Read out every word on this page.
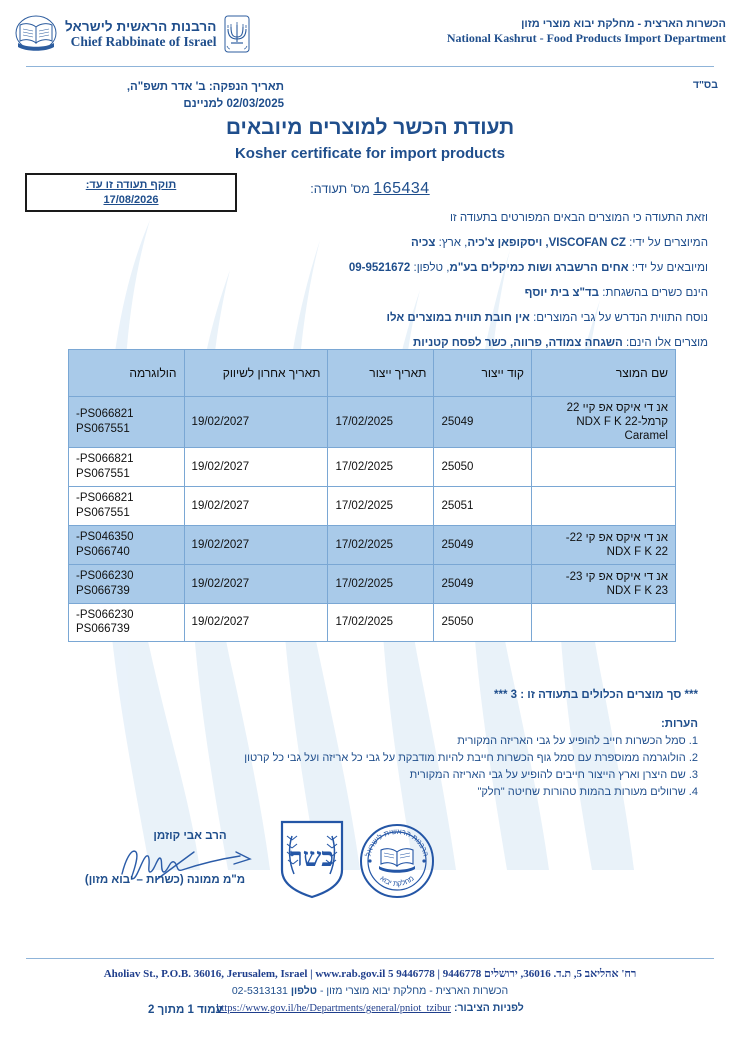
הרבנות הראשית לישראל
Chief Rabbinate of Israel
הכשרות הארצית - מחלקת יבוא מוצרי מזון
National Kashrut - Food Products Import Department
בס"ד
תאריך הנפקה: ב' אדר תשפ"ה,
02/03/2025 למניינם
תעודת הכשר למוצרים מיובאים
Kosher certificate for import products
תוקף תעודה זו עד:
17/08/2026
165434 מס' תעודה:
וזאת התעודה כי המוצרים הבאים המפורטים בתעודה זו
המיוצרים על ידי: VISCOFAN CZ, ויסקופאן צ'כיה, ארץ: צכיה
ומיובאים על ידי: אחים הרשברג ושות כמיקלים בע"מ, טלפון: 09-9521672
הינם כשרים בהשגחת: בד"צ בית יוסף
נוסח התווית הנדרש על גבי המוצרים: אין חובת תווית במוצרים אלו
מוצרים אלו הינם: השגחה צמודה, פרווה, כשר לפסח קטניות
שם המוצר	קוד ייצור	תאריך ייצור	תאריך אחרון לשיווק	הולוגרמה
אנ די איקס אפ קיי 22 קרמל-NDX F K 22 Caramel	25049	17/02/2025	19/02/2027	PS066821-
PS067551

	25050	17/02/2025	19/02/2027	PS066821-
PS067551

	25051	17/02/2025	19/02/2027	PS066821-
PS067551

אנ די איקס אפ קי 22- NDX F K 22	25049	17/02/2025	19/02/2027	PS046350-
PS066740

אנ די איקס אפ קי 23- NDX F K 23	25049	17/02/2025	19/02/2027	PS066230-
PS066739

	25050	17/02/2025	19/02/2027	PS066230-
PS066739
*** סך מוצרים הכלולים בתעודה זו : 3 ***
הערות:
1. סמל הכשרות חייב להופיע על גבי האריזה המקורית
2. הולוגרמה ממוספרת עם סמל גוף הכשרות חייבת להיות מודבקת על גבי כל אריזה ועל גבי כל קרטון
3. שם היצרן וארץ הייצור חייבים להופיע על גבי האריזה המקורית
4. שרוולים מעורות בהמות טהורות שחיטה "חלק"
הרב אבי קוזמן
מ"מ ממונה (כשרות – יבוא מזון)
כשר	הרבנות הראשית לישראל
מחלקת יבוא
רח' אהליאב 5, ת.ד. 36016, ירושלים 9446778 | 9446778 5 Aholiav St., P.O.B. 36016, Jerusalem, Israel | www.rab.gov.il
הכשרות הארצית - מחלקת יבוא מוצרי מזון - טלפון 02-5313131
לפניות הציבור: https://www.gov.il/he/Departments/general/pniot_tzibur
עמוד 1 מתוך 2
